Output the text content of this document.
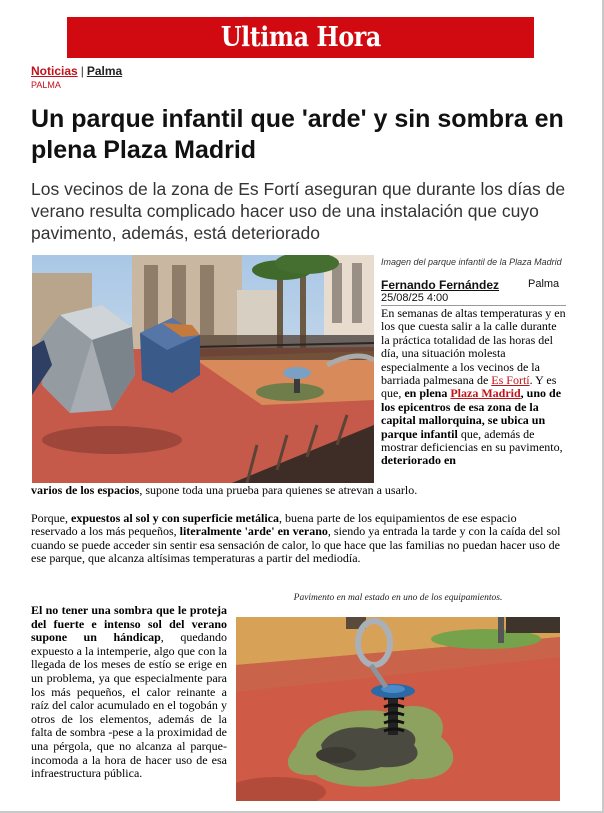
Ultima Hora
Noticias | Palma
PALMA
Un parque infantil que 'arde' y sin sombra en plena Plaza Madrid

Los vecinos de la zona de Es Fortí aseguran que durante los días de verano resulta complicado hacer uso de una instalación que cuyo pavimento, además, está deteriorado

Imagen del parque infantil de la Plaza Madrid
Fernando Fernández	Palma
25/08/25 4:00

En semanas de altas temperaturas y en los que cuesta salir a la calle durante la práctica totalidad de las horas del día, una situación molesta especialmente a los vecinos de la barriada palmesana de Es Fortí. Y es que, en plena Plaza Madrid, uno de los epicentros de esa zona de la capital mallorquina, se ubica un parque infantil que, además de mostrar deficiencias en su pavimento, deteriorado en

varios de los espacios, supone toda una prueba para quienes se atrevan a usarlo.

Porque, expuestos al sol y con superficie metálica, buena parte de los equipamientos de ese espacio reservado a los más pequeños, literalmente 'arde' en verano, siendo ya entrada la tarde y con la caída del sol cuando se puede acceder sin sentir esa sensación de calor, lo que hace que las familias no puedan hacer uso de ese parque, que alcanza altísimas temperaturas a partir del mediodía.

Pavimento en mal estado en uno de los equipamientos.

El no tener una sombra que le proteja del fuerte e intenso sol del verano supone un hándicap, quedando expuesto a la intemperie, algo que con la llegada de los meses de estío se erige en un problema, ya que especialmente para los más pequeños, el calor reinante a raíz del calor acumulado en el togobán y otros de los elementos, además de la falta de sombra -pese a la proximidad de una pérgola, que no alcanza al parque- incomoda a la hora de hacer uso de esa infraestructura pública.
